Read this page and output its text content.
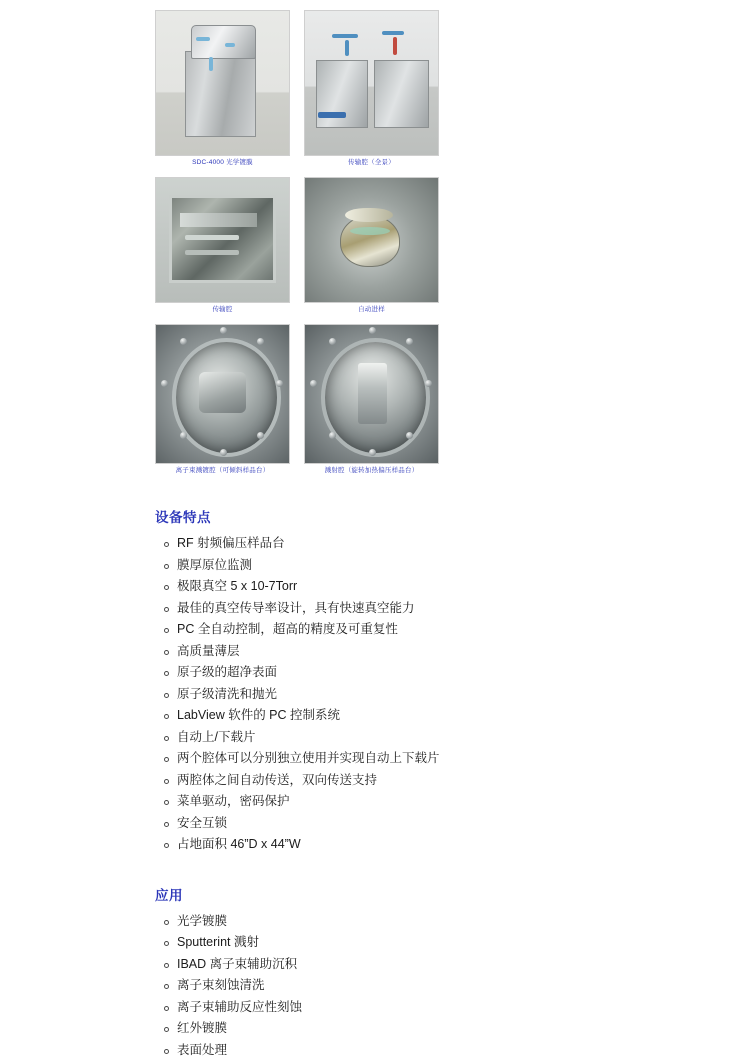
SDC-4000 光学镀膜	传输腔（全景）
传输腔	自动进样
离子束溅镀腔（可倾斜样品台）	溅射腔（旋转加热偏压样品台）
设备特点
RF 射频偏压样品台
膜厚原位监测
极限真空 5 x 10-7Torr
最佳的真空传导率设计，具有快速真空能力
PC 全自动控制，超高的精度及可重复性
高质量薄层
原子级的超净表面
原子级清洗和抛光
LabView 软件的 PC 控制系统
自动上/下载片
两个腔体可以分别独立使用并实现自动上下载片
两腔体之间自动传送，双向传送支持
菜单驱动，密码保护
安全互锁
占地面积 46”D x 44”W
应用
光学镀膜
Sputterint 溅射
IBAD 离子束辅助沉积
离子束刻蚀清洗
离子束辅助反应性刻蚀
红外镀膜
表面处理
